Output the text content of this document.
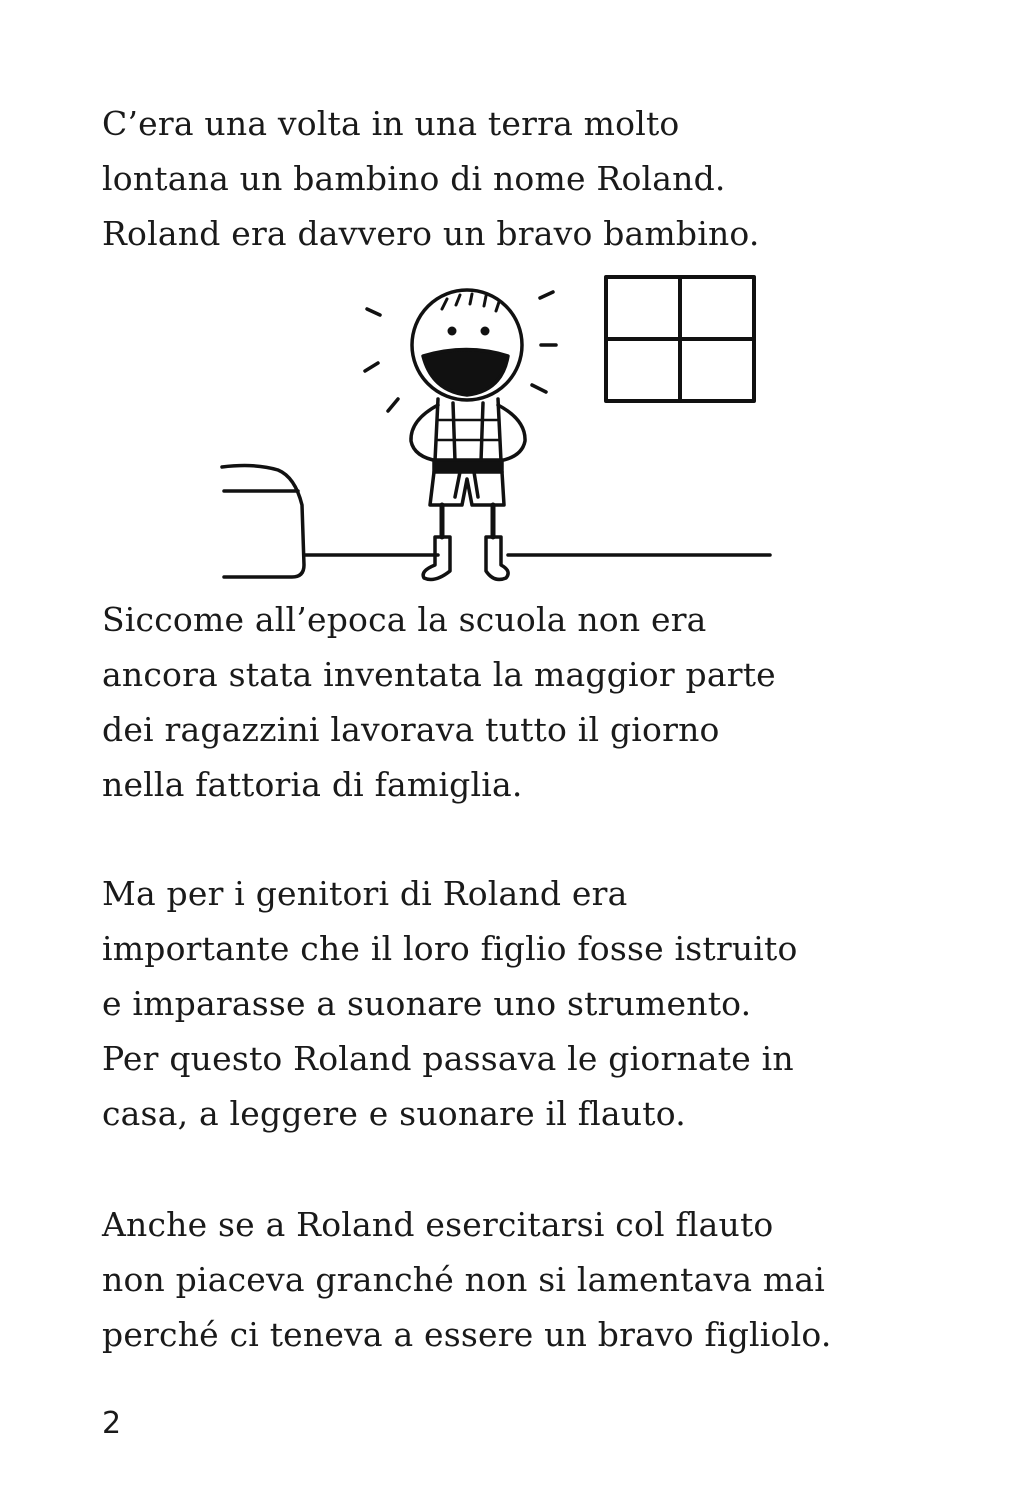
C’era una volta in una terra molto
lontana un bambino di nome Roland.
Roland era davvero un bravo bambino.

Siccome all’epoca la scuola non era
ancora stata inventata la maggior parte
dei ragazzini lavorava tutto il giorno
nella fattoria di famiglia.

Ma per i genitori di Roland era
importante che il loro figlio fosse istruito
e imparasse a suonare uno strumento.
Per questo Roland passava le giornate in
casa, a leggere e suonare il flauto.

Anche se a Roland esercitarsi col flauto
non piaceva granché non si lamentava mai
perché ci teneva a essere un bravo figliolo.

2
